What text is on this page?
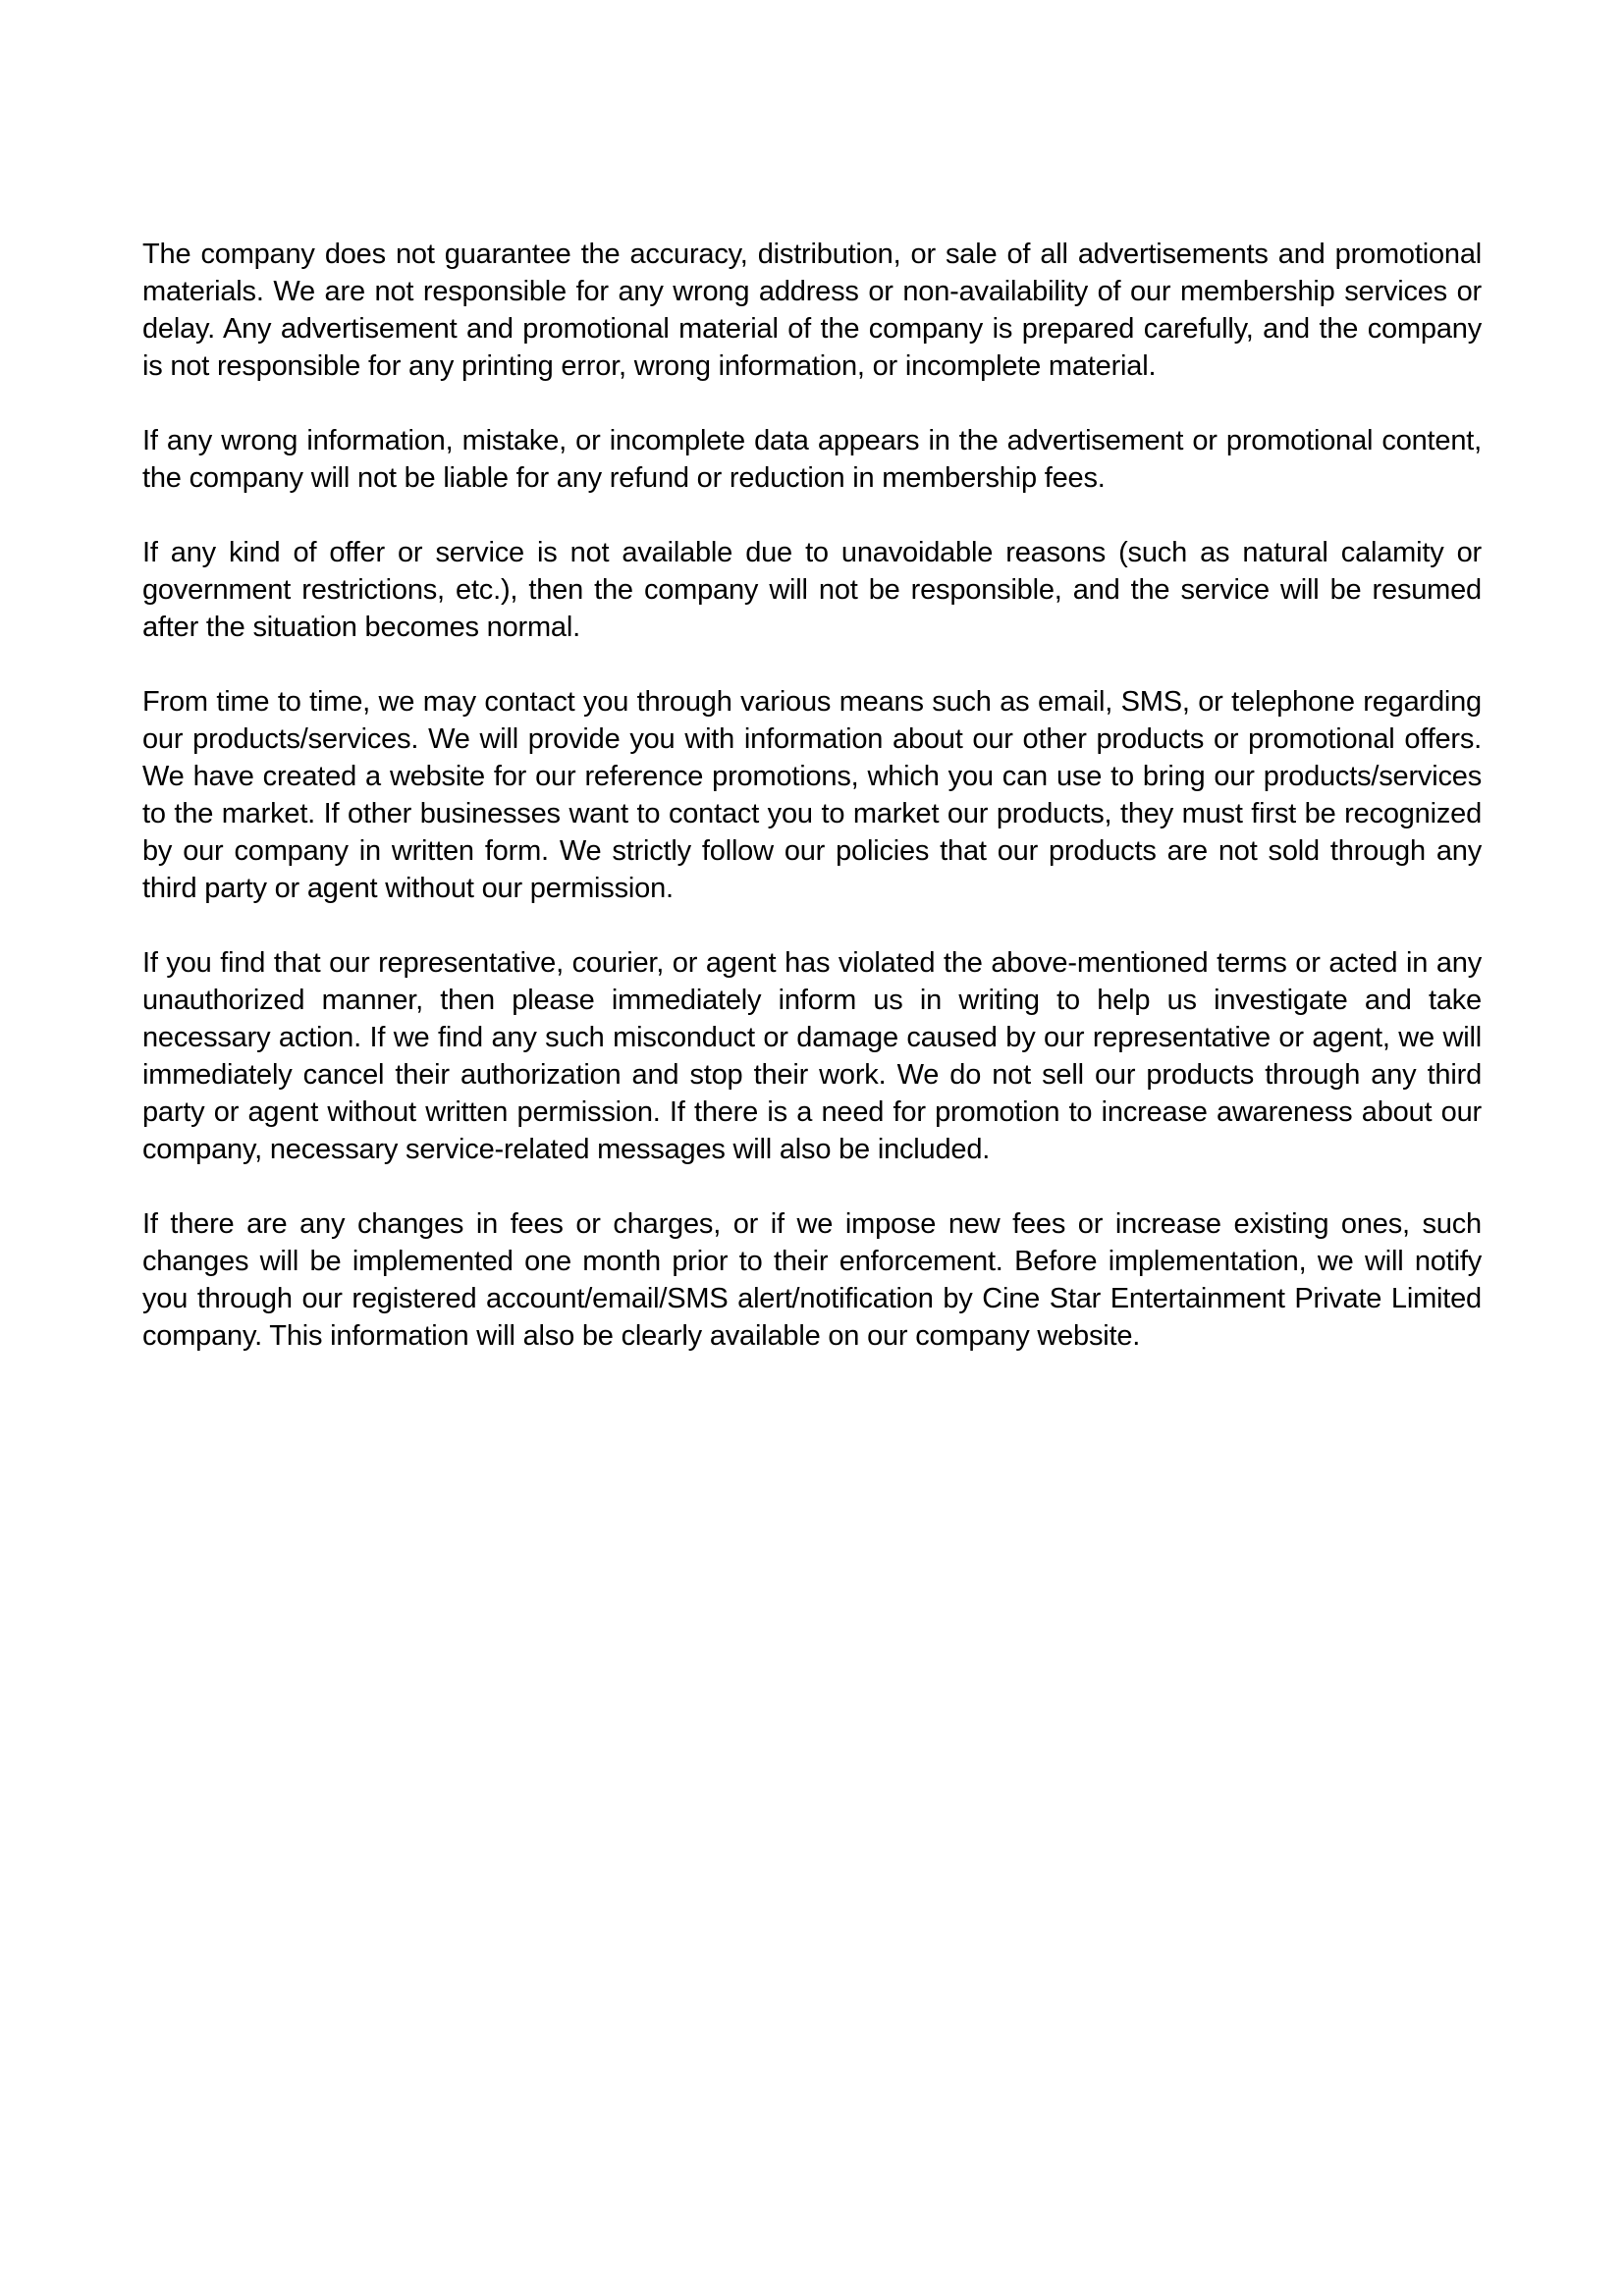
The company does not guarantee the accuracy, distribution, or sale of all advertisements and promotional materials. We are not responsible for any wrong address or non-availability of our membership services or delay. Any advertisement and promotional material of the company is prepared carefully, and the company is not responsible for any printing error, wrong information, or incomplete material.

If any wrong information, mistake, or incomplete data appears in the advertisement or promotional content, the company will not be liable for any refund or reduction in membership fees.

If any kind of offer or service is not available due to unavoidable reasons (such as natural calamity or government restrictions, etc.), then the company will not be responsible, and the service will be resumed after the situation becomes normal.

From time to time, we may contact you through various means such as email, SMS, or telephone regarding our products/services. We will provide you with information about our other products or promotional offers. We have created a website for our reference promotions, which you can use to bring our products/services to the market. If other businesses want to contact you to market our products, they must first be recognized by our company in written form. We strictly follow our policies that our products are not sold through any third party or agent without our permission.

If you find that our representative, courier, or agent has violated the above-mentioned terms or acted in any unauthorized manner, then please immediately inform us in writing to help us investigate and take necessary action. If we find any such misconduct or damage caused by our representative or agent, we will immediately cancel their authorization and stop their work. We do not sell our products through any third party or agent without written permission. If there is a need for promotion to increase awareness about our company, necessary service-related messages will also be included.

If there are any changes in fees or charges, or if we impose new fees or increase existing ones, such changes will be implemented one month prior to their enforcement. Before implementation, we will notify you through our registered account/email/SMS alert/notification by Cine Star Entertainment Private Limited company. This information will also be clearly available on our company website.
